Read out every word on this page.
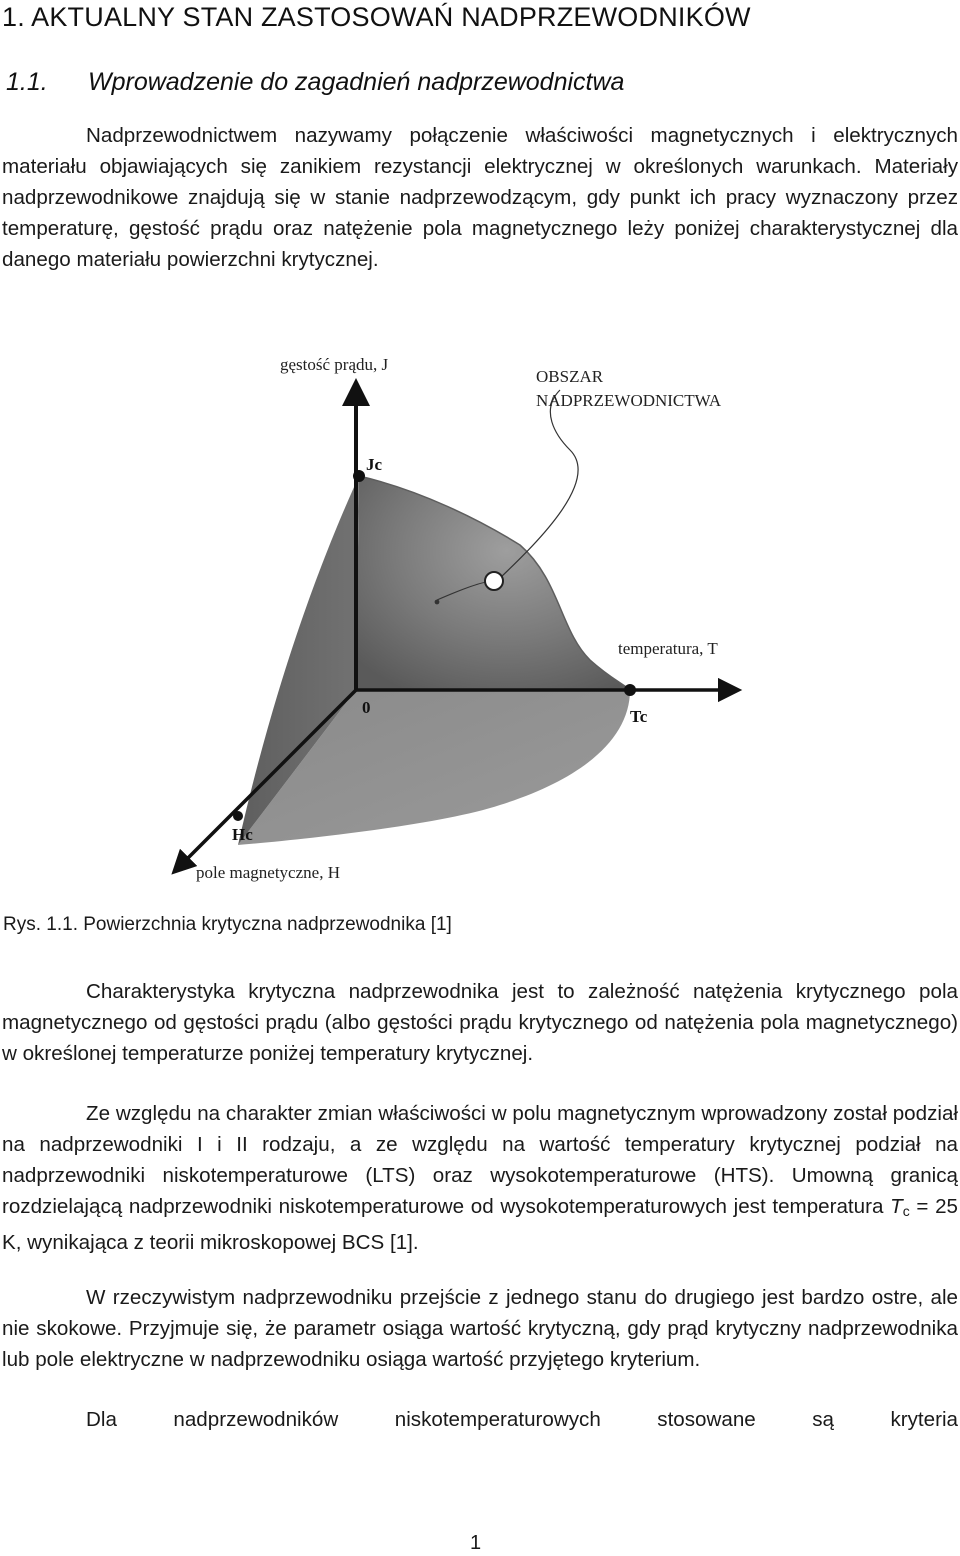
1. AKTUALNY STAN ZASTOSOWAŃ NADPRZEWODNIKÓW
1.1. Wprowadzenie do zagadnień nadprzewodnictwa

Nadprzewodnictwem nazywamy połączenie właściwości magnetycznych i elektrycznych materiału objawiających się zanikiem rezystancji elektrycznej w określonych warunkach. Materiały nadprzewodnikowe znajdują się w stanie nadprzewodzącym, gdy punkt ich pracy wyznaczony przez temperaturę, gęstość prądu oraz natężenie pola magnetycznego leży poniżej charakterystycznej dla danego materiału powierzchni krytycznej.

gęstość prądu, J
Jc
OBSZAR
NADPRZEWODNICTWA
temperatura, T
0	Tc
Hc
pole magnetyczne, H
Rys. 1.1. Powierzchnia krytyczna nadprzewodnika [1]

Charakterystyka krytyczna nadprzewodnika jest to zależność natężenia krytycznego pola magnetycznego od gęstości prądu (albo gęstości prądu krytycznego od natężenia pola magnetycznego) w określonej temperaturze poniżej temperatury krytycznej.

Ze względu na charakter zmian właściwości w polu magnetycznym wprowadzony został podział na nadprzewodniki I i II rodzaju, a ze względu na wartość temperatury krytycznej podział na nadprzewodniki niskotemperaturowe (LTS) oraz wysokotemperaturowe (HTS). Umowną granicą rozdzielającą nadprzewodniki niskotemperaturowe od wysokotemperaturowych jest temperatura $T_c = 25$ K, wynikająca z teorii mikroskopowej BCS [1].

W rzeczywistym nadprzewodniku przejście z jednego stanu do drugiego jest bardzo ostre, ale nie skokowe. Przyjmuje się, że parametr osiąga wartość krytyczną, gdy prąd krytyczny nadprzewodnika lub pole elektryczne w nadprzewodniku osiąga wartość przyjętego kryterium.

Dla nadprzewodników niskotemperaturowych stosowane są kryteria

1
